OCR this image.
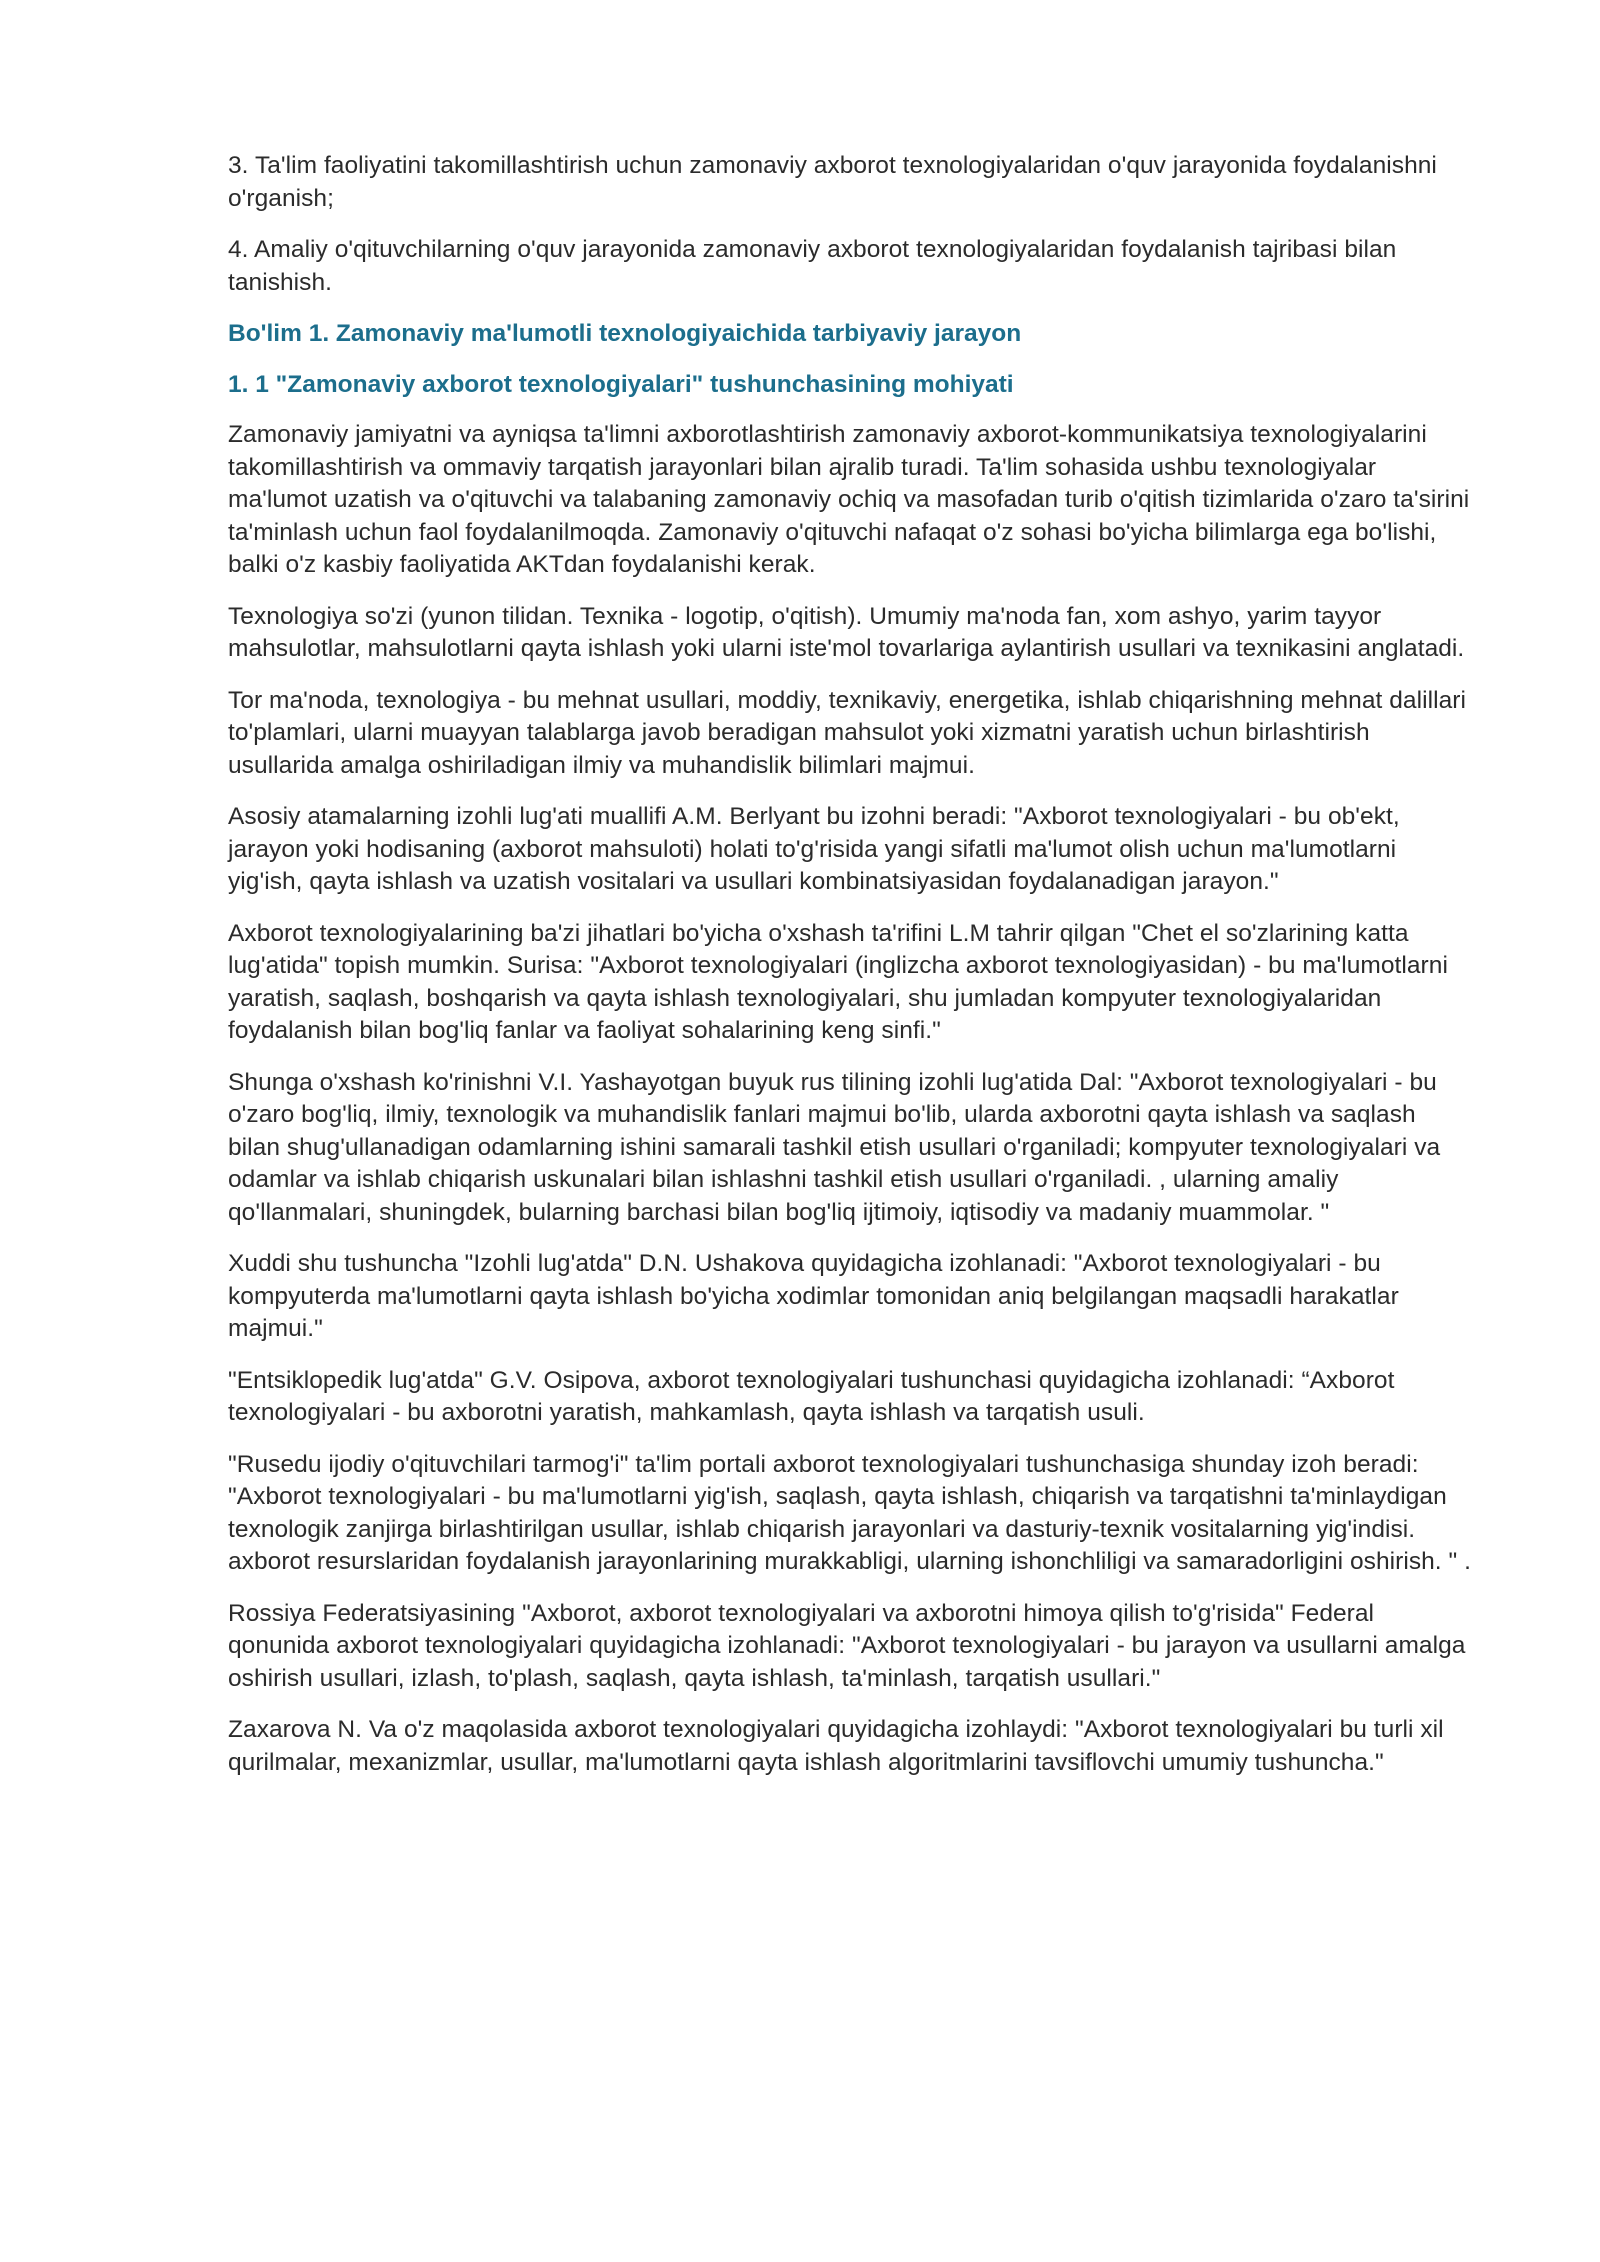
3. Ta'lim faoliyatini takomillashtirish uchun zamonaviy axborot texnologiyalaridan o'quv jarayonida foydalanishni o'rganish;

4. Amaliy o'qituvchilarning o'quv jarayonida zamonaviy axborot texnologiyalaridan foydalanish tajribasi bilan tanishish.

Bo'lim 1. Zamonaviy ma'lumotli texnologiyaichida tarbiyaviy jarayon
1. 1 "Zamonaviy axborot texnologiyalari" tushunchasining mohiyati

Zamonaviy jamiyatni va ayniqsa ta'limni axborotlashtirish zamonaviy axborot-kommunikatsiya texnologiyalarini takomillashtirish va ommaviy tarqatish jarayonlari bilan ajralib turadi. Ta'lim sohasida ushbu texnologiyalar ma'lumot uzatish va o'qituvchi va talabaning zamonaviy ochiq va masofadan turib o'qitish tizimlarida o'zaro ta'sirini ta'minlash uchun faol foydalanilmoqda. Zamonaviy o'qituvchi nafaqat o'z sohasi bo'yicha bilimlarga ega bo'lishi, balki o'z kasbiy faoliyatida AKTdan foydalanishi kerak.

Texnologiya so'zi (yunon tilidan. Texnika - logotip, o'qitish). Umumiy ma'noda fan, xom ashyo, yarim tayyor mahsulotlar, mahsulotlarni qayta ishlash yoki ularni iste'mol tovarlariga aylantirish usullari va texnikasini anglatadi.

Tor ma'noda, texnologiya - bu mehnat usullari, moddiy, texnikaviy, energetika, ishlab chiqarishning mehnat dalillari to'plamlari, ularni muayyan talablarga javob beradigan mahsulot yoki xizmatni yaratish uchun birlashtirish usullarida amalga oshiriladigan ilmiy va muhandislik bilimlari majmui.

Asosiy atamalarning izohli lug'ati muallifi A.M. Berlyant bu izohni beradi: "Axborot texnologiyalari - bu ob'ekt, jarayon yoki hodisaning (axborot mahsuloti) holati to'g'risida yangi sifatli ma'lumot olish uchun ma'lumotlarni yig'ish, qayta ishlash va uzatish vositalari va usullari kombinatsiyasidan foydalanadigan jarayon."

Axborot texnologiyalarining ba'zi jihatlari bo'yicha o'xshash ta'rifini L.M tahrir qilgan "Chet el so'zlarining katta lug'atida" topish mumkin. Surisa: "Axborot texnologiyalari (inglizcha axborot texnologiyasidan) - bu ma'lumotlarni yaratish, saqlash, boshqarish va qayta ishlash texnologiyalari, shu jumladan kompyuter texnologiyalaridan foydalanish bilan bog'liq fanlar va faoliyat sohalarining keng sinfi."

Shunga o'xshash ko'rinishni V.I. Yashayotgan buyuk rus tilining izohli lug'atida Dal: "Axborot texnologiyalari - bu o'zaro bog'liq, ilmiy, texnologik va muhandislik fanlari majmui bo'lib, ularda axborotni qayta ishlash va saqlash bilan shug'ullanadigan odamlarning ishini samarali tashkil etish usullari o'rganiladi; kompyuter texnologiyalari va odamlar va ishlab chiqarish uskunalari bilan ishlashni tashkil etish usullari o'rganiladi. , ularning amaliy qo'llanmalari, shuningdek, bularning barchasi bilan bog'liq ijtimoiy, iqtisodiy va madaniy muammolar. "

Xuddi shu tushuncha "Izohli lug'atda" D.N. Ushakova quyidagicha izohlanadi: "Axborot texnologiyalari - bu kompyuterda ma'lumotlarni qayta ishlash bo'yicha xodimlar tomonidan aniq belgilangan maqsadli harakatlar majmui."

"Entsiklopedik lug'atda" G.V. Osipova, axborot texnologiyalari tushunchasi quyidagicha izohlanadi: “Axborot texnologiyalari - bu axborotni yaratish, mahkamlash, qayta ishlash va tarqatish usuli.

"Rusedu ijodiy o'qituvchilari tarmog'i" ta'lim portali axborot texnologiyalari tushunchasiga shunday izoh beradi: "Axborot texnologiyalari - bu ma'lumotlarni yig'ish, saqlash, qayta ishlash, chiqarish va tarqatishni ta'minlaydigan texnologik zanjirga birlashtirilgan usullar, ishlab chiqarish jarayonlari va dasturiy-texnik vositalarning yig'indisi. axborot resurslaridan foydalanish jarayonlarining murakkabligi, ularning ishonchliligi va samaradorligini oshirish. " .

Rossiya Federatsiyasining "Axborot, axborot texnologiyalari va axborotni himoya qilish to'g'risida" Federal qonunida axborot texnologiyalari quyidagicha izohlanadi: "Axborot texnologiyalari - bu jarayon va usullarni amalga oshirish usullari, izlash, to'plash, saqlash, qayta ishlash, ta'minlash, tarqatish usullari."

Zaxarova N. Va o'z maqolasida axborot texnologiyalari quyidagicha izohlaydi: "Axborot texnologiyalari bu turli xil qurilmalar, mexanizmlar, usullar, ma'lumotlarni qayta ishlash algoritmlarini tavsiflovchi umumiy tushuncha."
